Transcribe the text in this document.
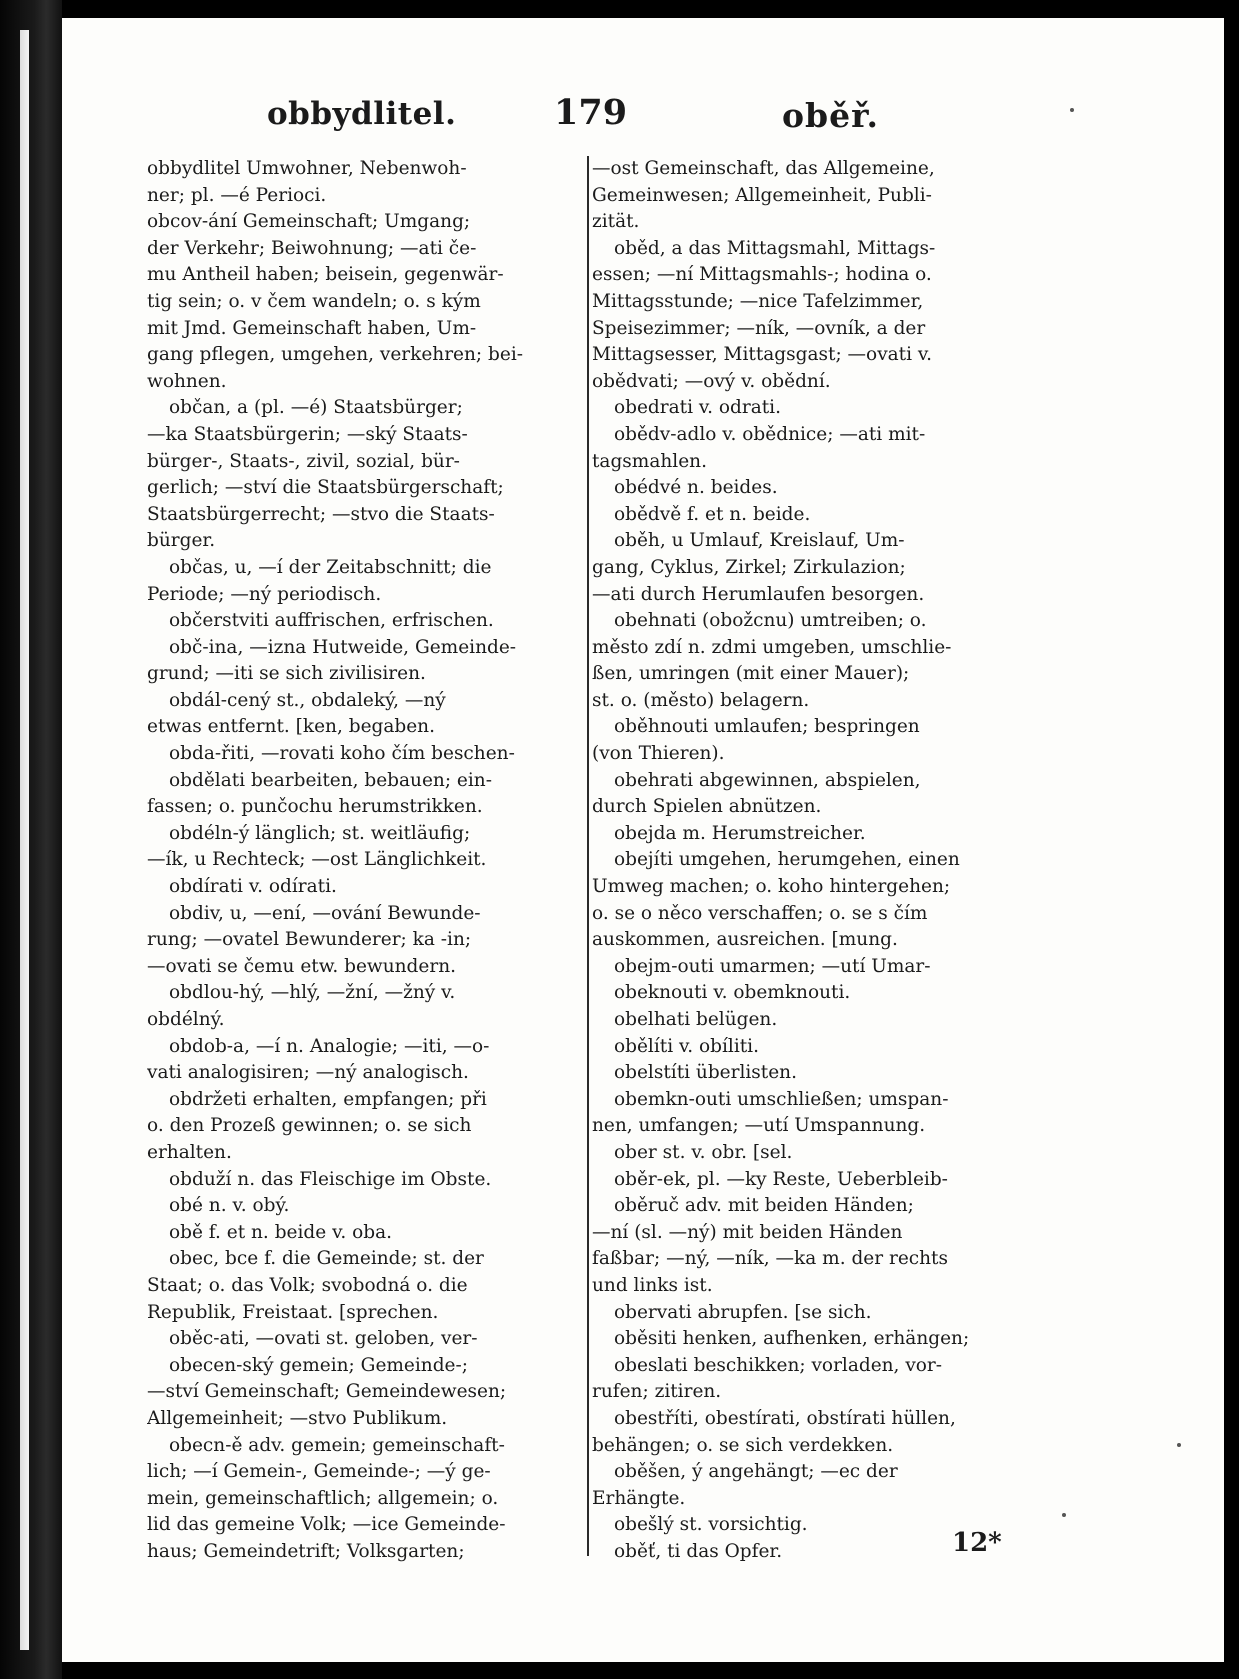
obbydlitel.	179	oběř.
obbydlitel Umwohner, Nebenwoh-
ner; pl. —é Perioci.
obcov-ání Gemeinschaft; Umgang;
der Verkehr; Beiwohnung; —ati če-
mu Antheil haben; beisein, gegenwär-
tig sein; o. v čem wandeln; o. s kým
mit Jmd. Gemeinschaft haben, Um-
gang pflegen, umgehen, verkehren; bei-
wohnen.
občan, a (pl. —é) Staatsbürger;
—ka Staatsbürgerin; —ský Staats-
bürger-, Staats-, zivil, sozial, bür-
gerlich; —ství die Staatsbürgerschaft;
Staatsbürgerrecht; —stvo die Staats-
bürger.
občas, u, —í der Zeitabschnitt; die
Periode; —ný periodisch.
občerstviti auffrischen, erfrischen.
obč-ina, —izna Hutweide, Gemeinde-
grund; —iti se sich zivilisiren.
obdál-cený st., obdaleký, —ný
etwas entfernt. [ken, begaben.
obda-řiti, —rovati koho čím beschen-
obdělati bearbeiten, bebauen; ein-
fassen; o. punčochu herumstrikken.
obdéln-ý länglich; st. weitläufig;
—ík, u Rechteck; —ost Länglichkeit.
obdírati v. odírati.
obdiv, u, —ení, —ování Bewunde-
rung; —ovatel Bewunderer; ka -in;
—ovati se čemu etw. bewundern.
obdlou-hý, —hlý, —žní, —žný v.
obdélný.
obdob-a, —í n. Analogie; —iti, —o-
vati analogisiren; —ný analogisch.
obdržeti erhalten, empfangen; při
o. den Prozeß gewinnen; o. se sich
erhalten.
obduží n. das Fleischige im Obste.
obé n. v. obý.
obě f. et n. beide v. oba.
obec, bce f. die Gemeinde; st. der
Staat; o. das Volk; svobodná o. die
Republik, Freistaat. [sprechen.
oběc-ati, —ovati st. geloben, ver-
obecen-ský gemein; Gemeinde-;
—ství Gemeinschaft; Gemeindewesen;
Allgemeinheit; —stvo Publikum.
obecn-ě adv. gemein; gemeinschaft-
lich; —í Gemein-, Gemeinde-; —ý ge-
mein, gemeinschaftlich; allgemein; o.
lid das gemeine Volk; —ice Gemeinde-
haus; Gemeindetrift; Volksgarten;
—ost Gemeinschaft, das Allgemeine,
Gemeinwesen; Allgemeinheit, Publi-
zität.
oběd, a das Mittagsmahl, Mittags-
essen; —ní Mittagsmahls-; hodina o.
Mittagsstunde; —nice Tafelzimmer,
Speisezimmer; —ník, —ovník, a der
Mittagsesser, Mittagsgast; —ovati v.
obědvati; —ový v. obědní.
obedrati v. odrati.
obědv-adlo v. obědnice; —ati mit-
tagsmahlen.
obédvé n. beides.
obědvě f. et n. beide.
oběh, u Umlauf, Kreislauf, Um-
gang, Cyklus, Zirkel; Zirkulazion;
—ati durch Herumlaufen besorgen.
obehnati (obožcnu) umtreiben; o.
město zdí n. zdmi umgeben, umschlie-
ßen, umringen (mit einer Mauer);
st. o. (město) belagern.
oběhnouti umlaufen; bespringen
(von Thieren).
obehrati abgewinnen, abspielen,
durch Spielen abnützen.
obejda m. Herumstreicher.
obejíti umgehen, herumgehen, einen
Umweg machen; o. koho hintergehen;
o. se o něco verschaffen; o. se s čím
auskommen, ausreichen. [mung.
obejm-outi umarmen; —utí Umar-
obeknouti v. obemknouti.
obelhati belügen.
obělíti v. obíliti.
obelstíti überlisten.
obemkn-outi umschließen; umspan-
nen, umfangen; —utí Umspannung.
ober st. v. obr. [sel.
oběr-ek, pl. —ky Reste, Ueberbleib-
oběruč adv. mit beiden Händen;
—ní (sl. —ný) mit beiden Händen
faßbar; —ný, —ník, —ka m. der rechts
und links ist.
obervati abrupfen. [se sich.
oběsiti henken, aufhenken, erhängen;
obeslati beschikken; vorladen, vor-
rufen; zitiren.
obestříti, obestírati, obstírati hüllen,
behängen; o. se sich verdekken.
oběšen, ý angehängt; —ec der
Erhängte.
obešlý st. vorsichtig.
oběť, ti das Opfer.	12*
